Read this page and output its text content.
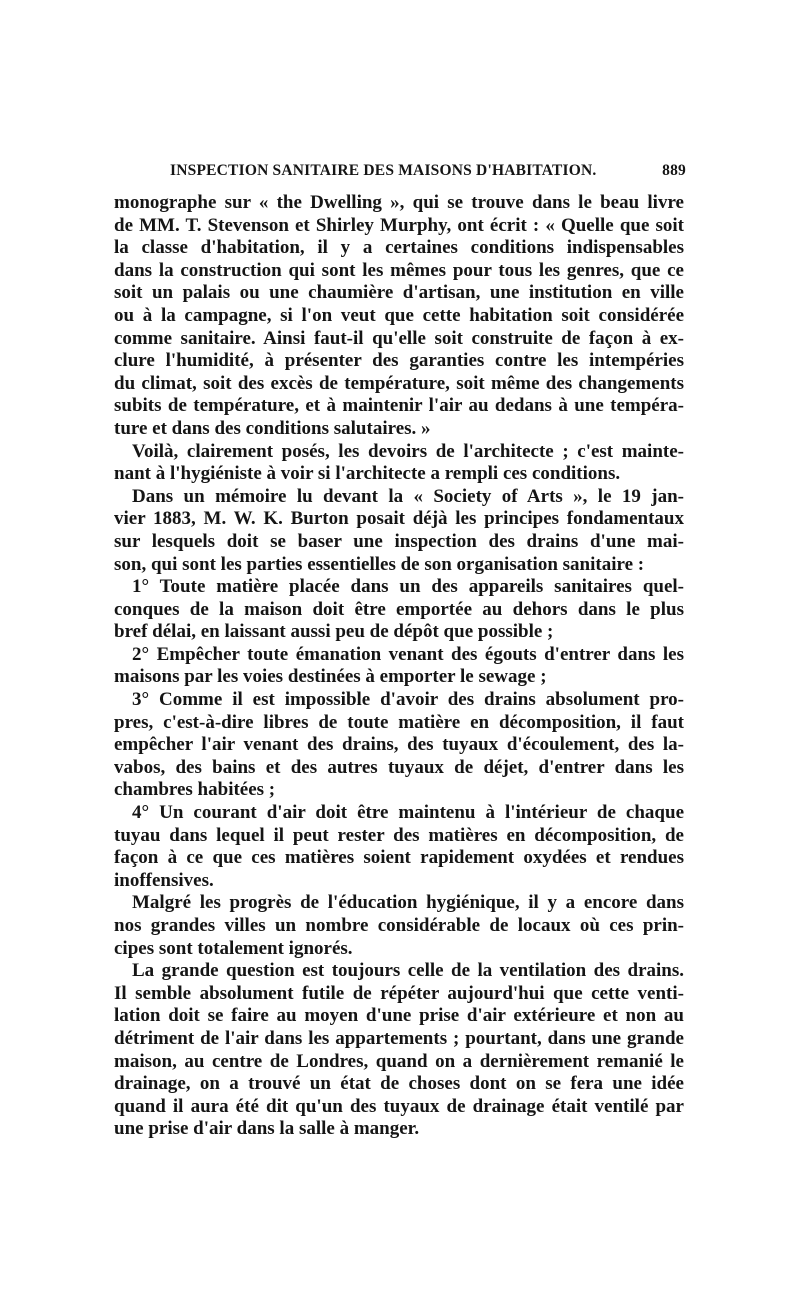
INSPECTION SANITAIRE DES MAISONS D'HABITATION.	889
monographe sur « the Dwelling », qui se trouve dans le beau livre
de MM. T. Stevenson et Shirley Murphy, ont écrit : « Quelle que soit
la classe d'habitation, il y a certaines conditions indispensables
dans la construction qui sont les mêmes pour tous les genres, que ce
soit un palais ou une chaumière d'artisan, une institution en ville
ou à la campagne, si l'on veut que cette habitation soit considérée
comme sanitaire. Ainsi faut-il qu'elle soit construite de façon à ex-
clure l'humidité, à présenter des garanties contre les intempéries
du climat, soit des excès de température, soit même des changements
subits de température, et à maintenir l'air au dedans à une tempéra-
ture et dans des conditions salutaires. »
Voilà, clairement posés, les devoirs de l'architecte ; c'est mainte-
nant à l'hygiéniste à voir si l'architecte a rempli ces conditions.
Dans un mémoire lu devant la « Society of Arts », le 19 jan-
vier 1883, M. W. K. Burton posait déjà les principes fondamentaux
sur lesquels doit se baser une inspection des drains d'une mai-
son, qui sont les parties essentielles de son organisation sanitaire :
1° Toute matière placée dans un des appareils sanitaires quel-
conques de la maison doit être emportée au dehors dans le plus
bref délai, en laissant aussi peu de dépôt que possible ;
2° Empêcher toute émanation venant des égouts d'entrer dans les
maisons par les voies destinées à emporter le sewage ;
3° Comme il est impossible d'avoir des drains absolument pro-
pres, c'est-à-dire libres de toute matière en décomposition, il faut
empêcher l'air venant des drains, des tuyaux d'écoulement, des la-
vabos, des bains et des autres tuyaux de déjet, d'entrer dans les
chambres habitées ;
4° Un courant d'air doit être maintenu à l'intérieur de chaque
tuyau dans lequel il peut rester des matières en décomposition, de
façon à ce que ces matières soient rapidement oxydées et rendues
inoffensives.
Malgré les progrès de l'éducation hygiénique, il y a encore dans
nos grandes villes un nombre considérable de locaux où ces prin-
cipes sont totalement ignorés.
La grande question est toujours celle de la ventilation des drains.
Il semble absolument futile de répéter aujourd'hui que cette venti-
lation doit se faire au moyen d'une prise d'air extérieure et non au
détriment de l'air dans les appartements ; pourtant, dans une grande
maison, au centre de Londres, quand on a dernièrement remanié le
drainage, on a trouvé un état de choses dont on se fera une idée
quand il aura été dit qu'un des tuyaux de drainage était ventilé par
une prise d'air dans la salle à manger.
